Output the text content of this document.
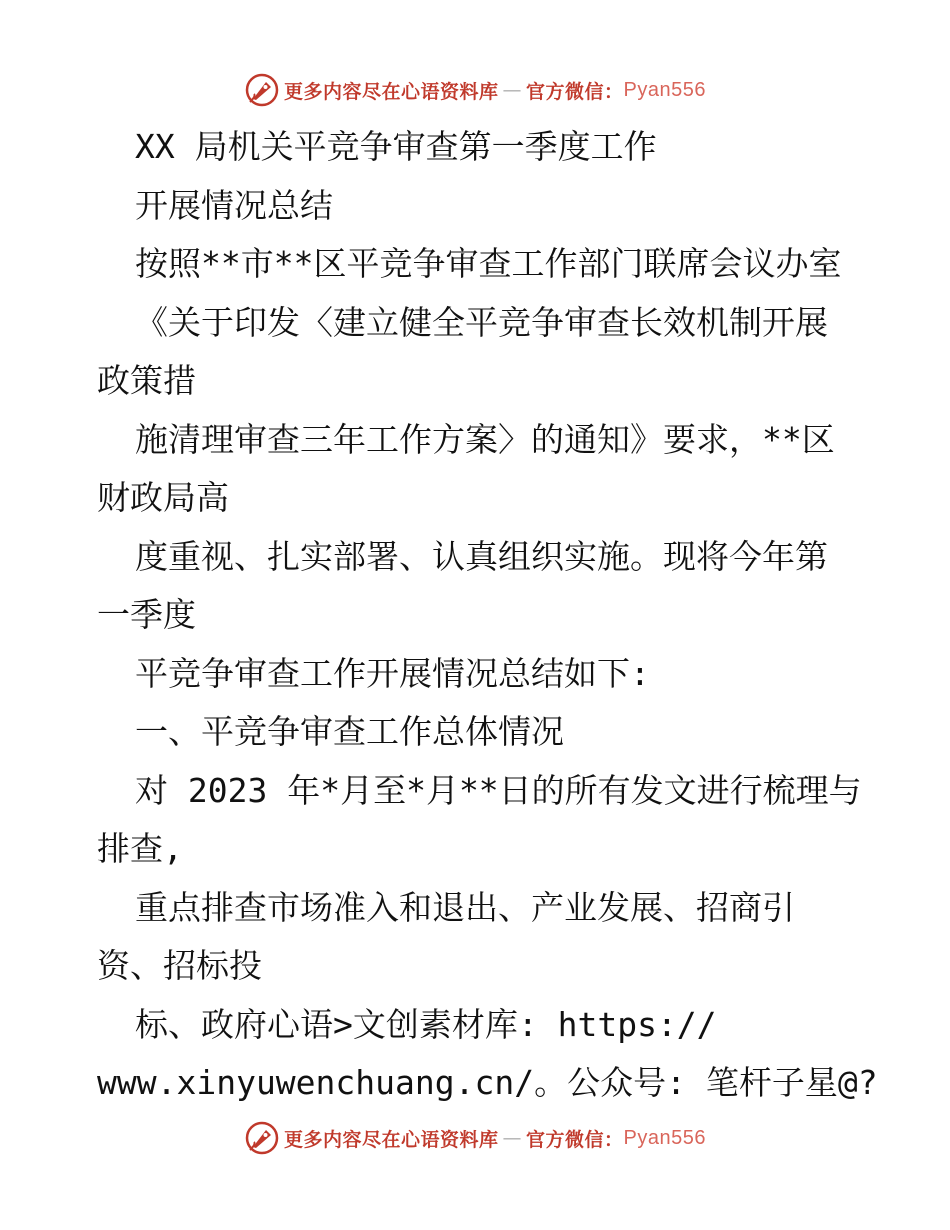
更多内容尽在心语资料库 — 官方微信： Pyan556
XX 局机关平竞争审查第一季度工作
开展情况总结
按照**市**区平竞争审查工作部门联席会议办室
《关于印发〈建立健全平竞争审查长效机制开展
政策措
施清理审查三年工作方案〉的通知》要求，**区
财政局高
度重视、扎实部署、认真组织实施。现将今年第
一季度
平竞争审查工作开展情况总结如下:
一、平竞争审查工作总体情况
对 2023 年*月至*月**日的所有发文进行梳理与
排查,
重点排查市场准入和退出、产业发展、招商引
资、招标投
标、政府心语>文创素材库: https://
www.xinyuwenchuang.cn/。公众号: 笔杆子星@?
更多内容尽在心语资料库 — 官方微信： Pyan556
